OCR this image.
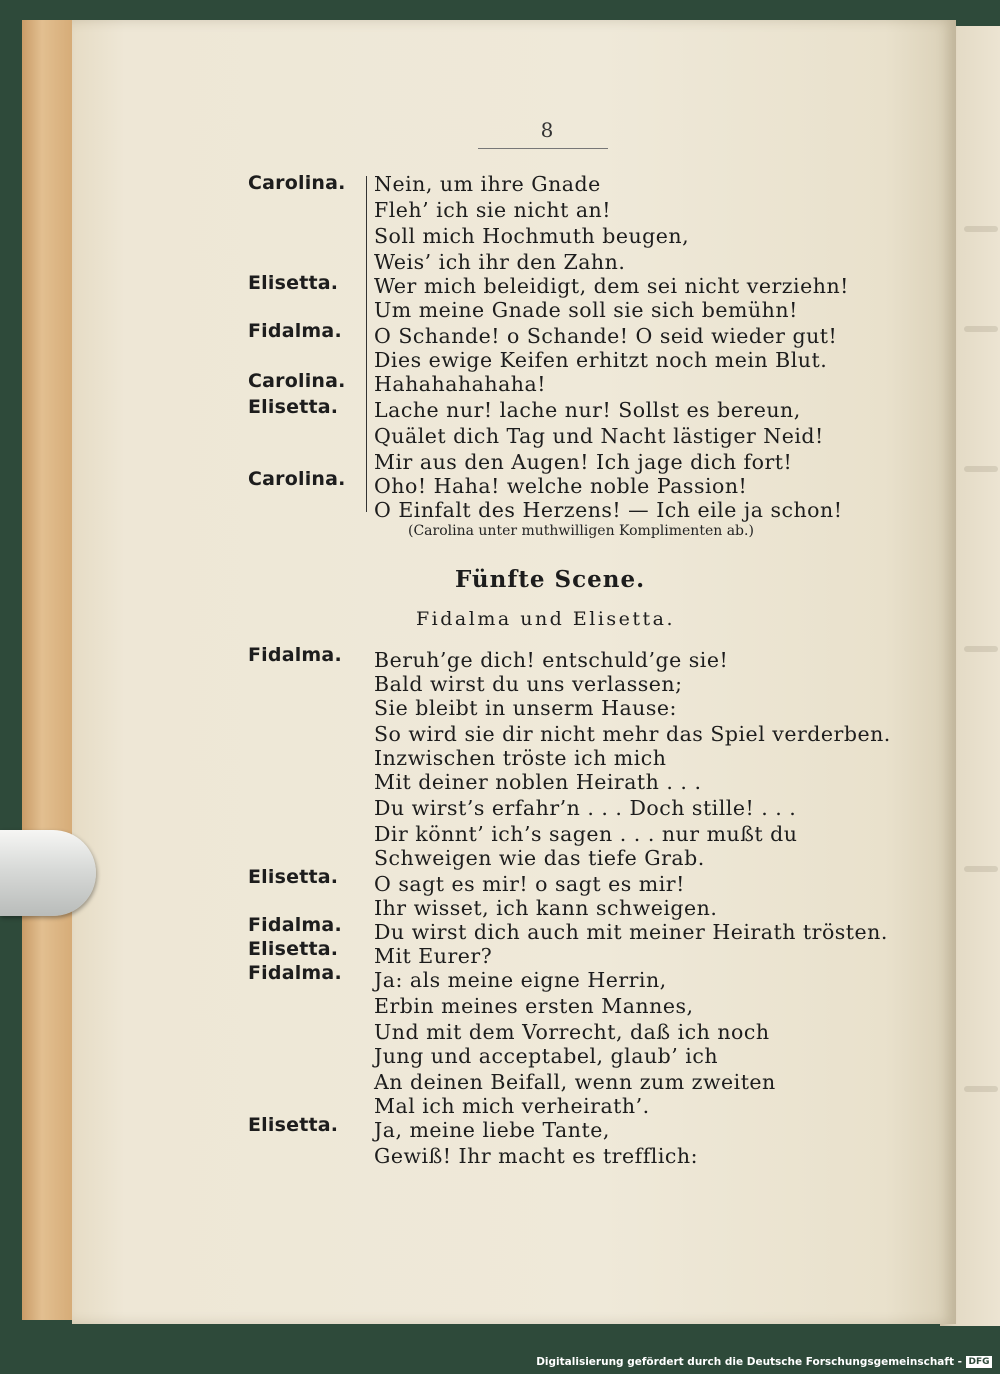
8
Carolina. Nein, um ihre Gnade
Fleh’ ich sie nicht an!
Soll mich Hochmuth beugen,
Weis’ ich ihr den Zahn.
Elisetta. Wer mich beleidigt, dem sei nicht verziehn!
Um meine Gnade soll sie sich bemühn!
Fidalma. O Schande! o Schande! O seid wieder gut!
Dies ewige Keifen erhitzt noch mein Blut.
Carolina. Hahahahahaha!
Elisetta. Lache nur! lache nur! Sollst es bereun,
Quälet dich Tag und Nacht lästiger Neid!
Mir aus den Augen! Ich jage dich fort!
Carolina. Oho! Haha! welche noble Passion!
O Einfalt des Herzens! — Ich eile ja schon!
(Carolina unter muthwilligen Komplimenten ab.)
Fünfte Scene.
Fidalma und Elisetta.
Fidalma. Beruh’ge dich! entschuld’ge sie!
Bald wirst du uns verlassen;
Sie bleibt in unserm Hause:
So wird sie dir nicht mehr das Spiel verderben.
Inzwischen tröste ich mich
Mit deiner noblen Heirath . . .
Du wirst’s erfahr’n . . . Doch stille! . . .
Dir könnt’ ich’s sagen . . . nur mußt du
Schweigen wie das tiefe Grab.
Elisetta. O sagt es mir! o sagt es mir!
Ihr wisset, ich kann schweigen.
Fidalma. Du wirst dich auch mit meiner Heirath trösten.
Elisetta. Mit Eurer?
Fidalma. Ja: als meine eigne Herrin,
Erbin meines ersten Mannes,
Und mit dem Vorrecht, daß ich noch
Jung und acceptabel, glaub’ ich
An deinen Beifall, wenn zum zweiten
Mal ich mich verheirath’.
Elisetta. Ja, meine liebe Tante,
Gewiß! Ihr macht es trefflich:
Digitalisierung gefördert durch die Deutsche Forschungsgemeinschaft - DFG
